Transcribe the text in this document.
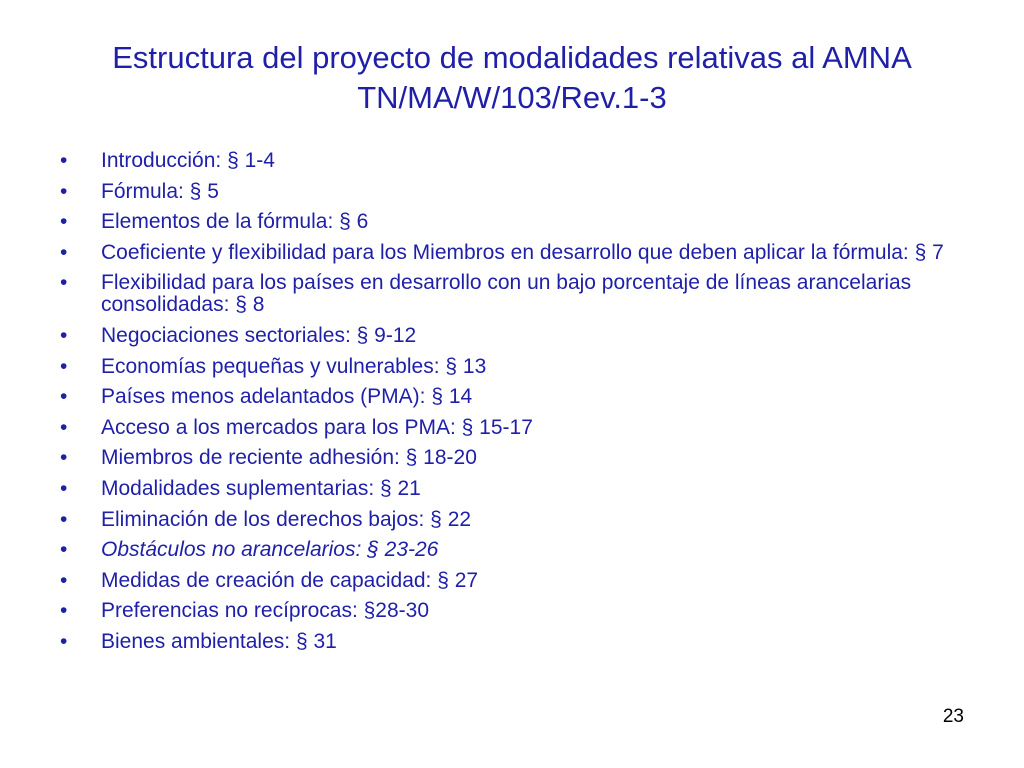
Estructura del proyecto de modalidades relativas al AMNA
TN/MA/W/103/Rev.1-3
•	Introducción: § 1-4
•	Fórmula: § 5
•	Elementos de la fórmula: § 6
•	Coeficiente y flexibilidad para los Miembros en desarrollo que deben aplicar la fórmula: § 7
•	Flexibilidad para los países en desarrollo con un bajo porcentaje de líneas arancelarias consolidadas: § 8
•	Negociaciones sectoriales: § 9-12
•	Economías pequeñas y vulnerables: § 13
•	Países menos adelantados (PMA): § 14
•	Acceso a los mercados para los PMA: § 15-17
•	Miembros de reciente adhesión: § 18-20
•	Modalidades suplementarias: § 21
•	Eliminación de los derechos bajos: § 22
•	Obstáculos no arancelarios: § 23-26
•	Medidas de creación de capacidad: § 27
•	Preferencias no recíprocas: §28-30
•	Bienes ambientales: § 31
23
